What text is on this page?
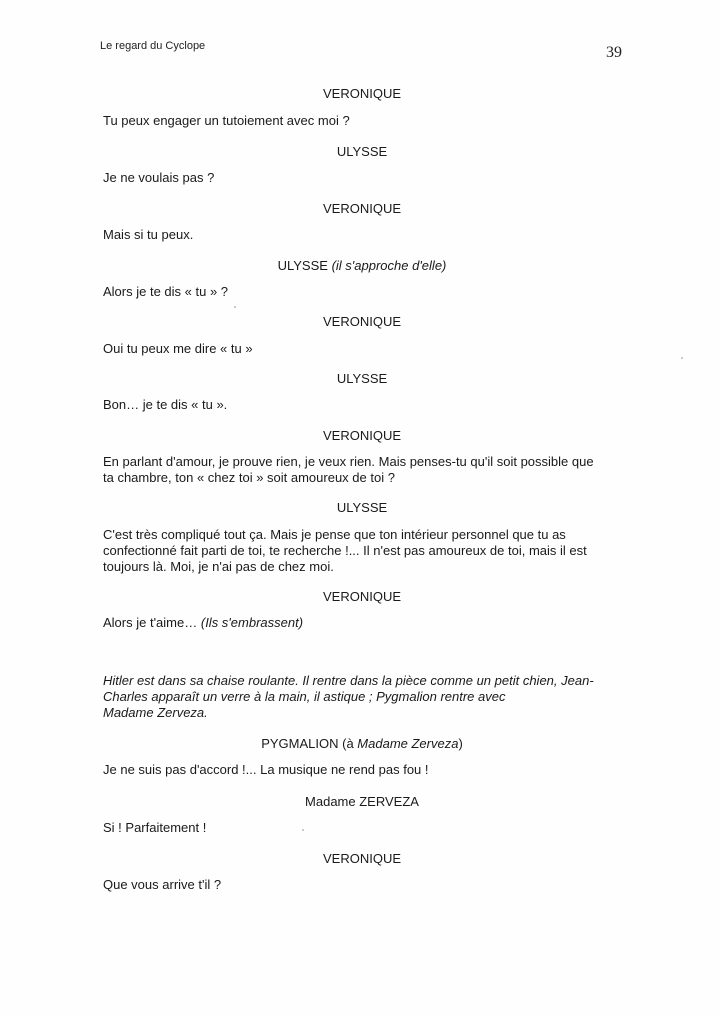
Le regard du Cyclope	39
VERONIQUE
Tu peux engager un tutoiement avec moi ?
ULYSSE
Je ne voulais pas ?
VERONIQUE
Mais si tu peux.
ULYSSE (il s'approche d'elle)
Alors je te dis « tu » ?
VERONIQUE
Oui tu peux me dire « tu »
ULYSSE
Bon… je te dis « tu ».
VERONIQUE
En parlant d'amour, je prouve rien, je veux rien. Mais penses-tu qu'il soit possible que
ta chambre, ton « chez toi » soit amoureux de toi ?
ULYSSE
C'est très compliqué tout ça. Mais je pense que ton intérieur personnel que tu as
confectionné fait parti de toi, te recherche !... Il n'est pas amoureux de toi, mais il est
toujours là. Moi, je n'ai pas de chez moi.
VERONIQUE
Alors je t'aime… (Ils s'embrassent)
Hitler est dans sa chaise roulante. Il rentre dans la pièce comme un petit chien, Jean-
Charles apparaît un verre à la main, il astique ; Pygmalion rentre avec
Madame Zerveza.
PYGMALION (à Madame Zerveza)
Je ne suis pas d'accord !... La musique ne rend pas fou !
Madame ZERVEZA
Si ! Parfaitement !
VERONIQUE
Que vous arrive t'il ?
